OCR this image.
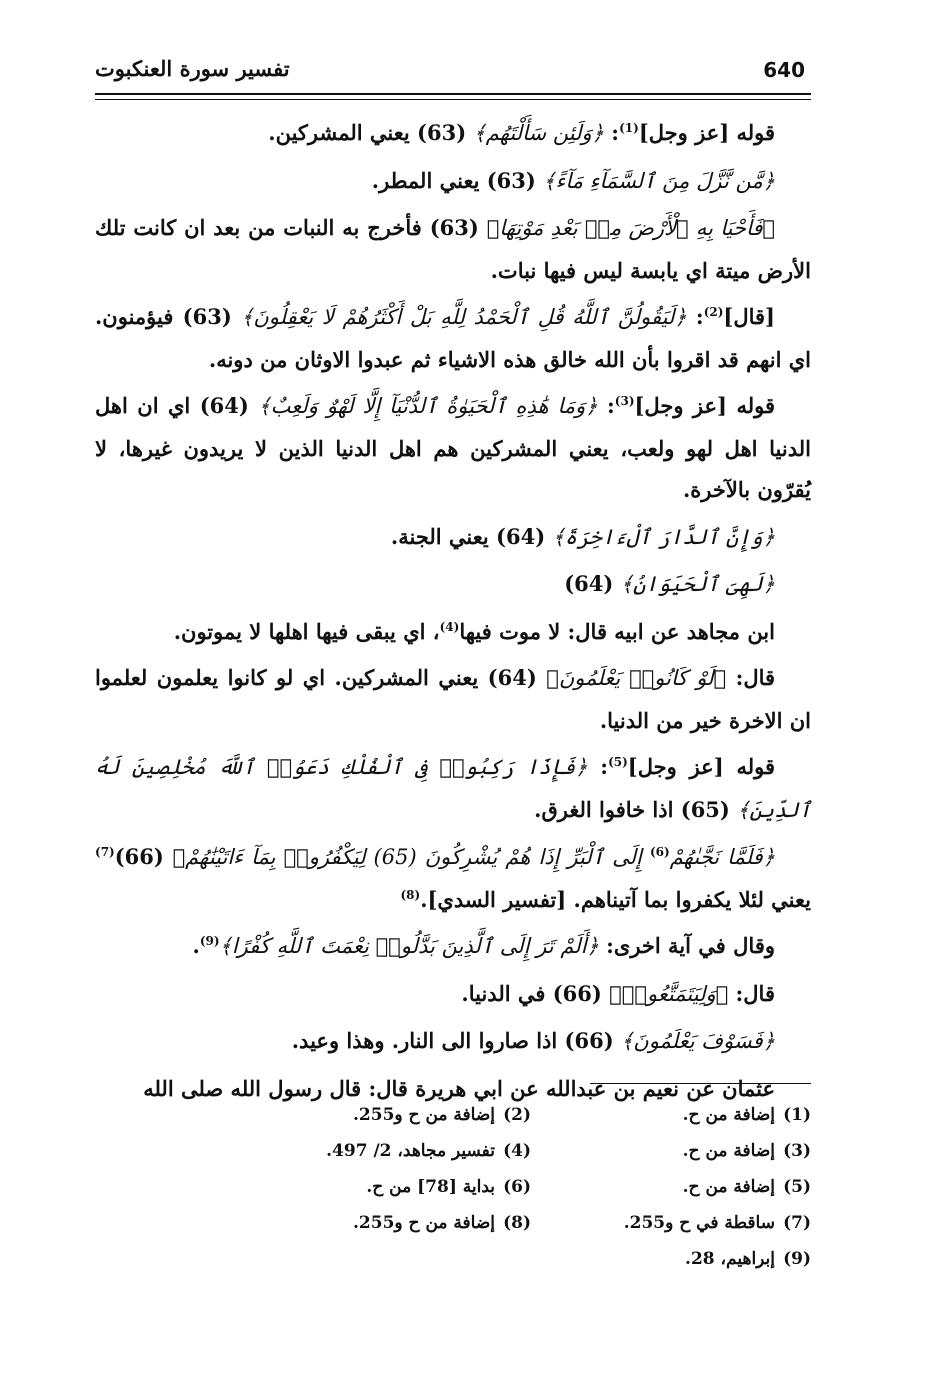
640
تفسير سورة العنكبوت

قوله [عز وجل]$^{(1)}$: ﴿وَلَئِن سَأَلْتَهُم﴾ (63) يعني المشركين.

﴿مَّن نَّزَّلَ مِنَ ٱلسَّمَآءِ مَآءً﴾ (63) يعني المطر.

﴿فَأَحْيَا بِهِ ٱلْأَرْضَ مِنۢ بَعْدِ مَوْتِهَا﴾ (63) فأخرج به النبات من بعد ان كانت تلك الأرض ميتة اي يابسة ليس فيها نبات.

[قال]$^{(2)}$: ﴿لَيَقُولُنَّ ٱللَّهُ قُلِ ٱلْحَمْدُ لِلَّهِ بَلْ أَكْثَرُهُمْ لَا يَعْقِلُونَ﴾ (63) فيؤمنون. اي انهم قد اقروا بأن الله خالق هذه الاشياء ثم عبدوا الاوثان من دونه.

قوله [عز وجل]$^{(3)}$: ﴿وَمَا هَٰذِهِ ٱلْحَيَوٰةُ ٱلدُّنْيَآ إِلَّا لَهْوٌ وَلَعِبٌ﴾ (64) اي ان اهل الدنيا اهل لهو ولعب، يعني المشركين هم اهل الدنيا الذين لا يريدون غيرها، لا يُقرّون بالآخرة.

﴿وَإِنَّ ٱلدَّارَ ٱلْءَاخِرَةَ﴾ (64) يعني الجنة.

﴿لَهِىَ ٱلْحَيَوَانُ﴾ (64)

ابن مجاهد عن ابيه قال: لا موت فيها$^{(4)}$، اي يبقى فيها اهلها لا يموتون.

قال: ﴿لَوْ كَانُوا۟ يَعْلَمُونَ﴾ (64) يعني المشركين. اي لو كانوا يعلمون لعلموا ان الاخرة خير من الدنيا.

قوله [عز وجل]$^{(5)}$: ﴿فَإِذَا رَكِبُوا۟ فِى ٱلْفُلْكِ دَعَوُا۟ ٱللَّهَ مُخْلِصِينَ لَهُ ٱلدِّينَ﴾ (65) اذا خافوا الغرق.

﴿فَلَمَّا نَجَّىٰهُمْ$^{(6)}$ إِلَى ٱلْبَرِّ إِذَا هُمْ يُشْرِكُونَ (65) لِيَكْفُرُوا۟ بِمَآ ءَاتَيْنَٰهُمْ﴾ $(66)^{(7)}$ يعني لئلا يكفروا بما آتيناهم. [تفسير السدي].$^{(8)}$

وقال في آية اخرى: ﴿أَلَمْ تَرَ إِلَى ٱلَّذِينَ بَدَّلُوا۟ نِعْمَتَ ٱللَّهِ كُفْرًا﴾$^{(9)}$.

قال: ﴿وَلِيَتَمَتَّعُوا۟﴾ (66) في الدنيا.

﴿فَسَوْفَ يَعْلَمُونَ﴾ (66) اذا صاروا الى النار. وهذا وعيد.

عثمان عن نعيم بن عبدالله عن ابي هريرة قال: قال رسول الله صلى الله

(1)إضافة من ح.
(2)إضافة من ح و255.
(3)إضافة من ح.
(4)تفسير مجاهد، 2/ 497.
(5)إضافة من ح.
(6)بداية [78] من ح.
(7)ساقطة في ح و255.
(8)إضافة من ح و255.
(9)إبراهيم، 28.
